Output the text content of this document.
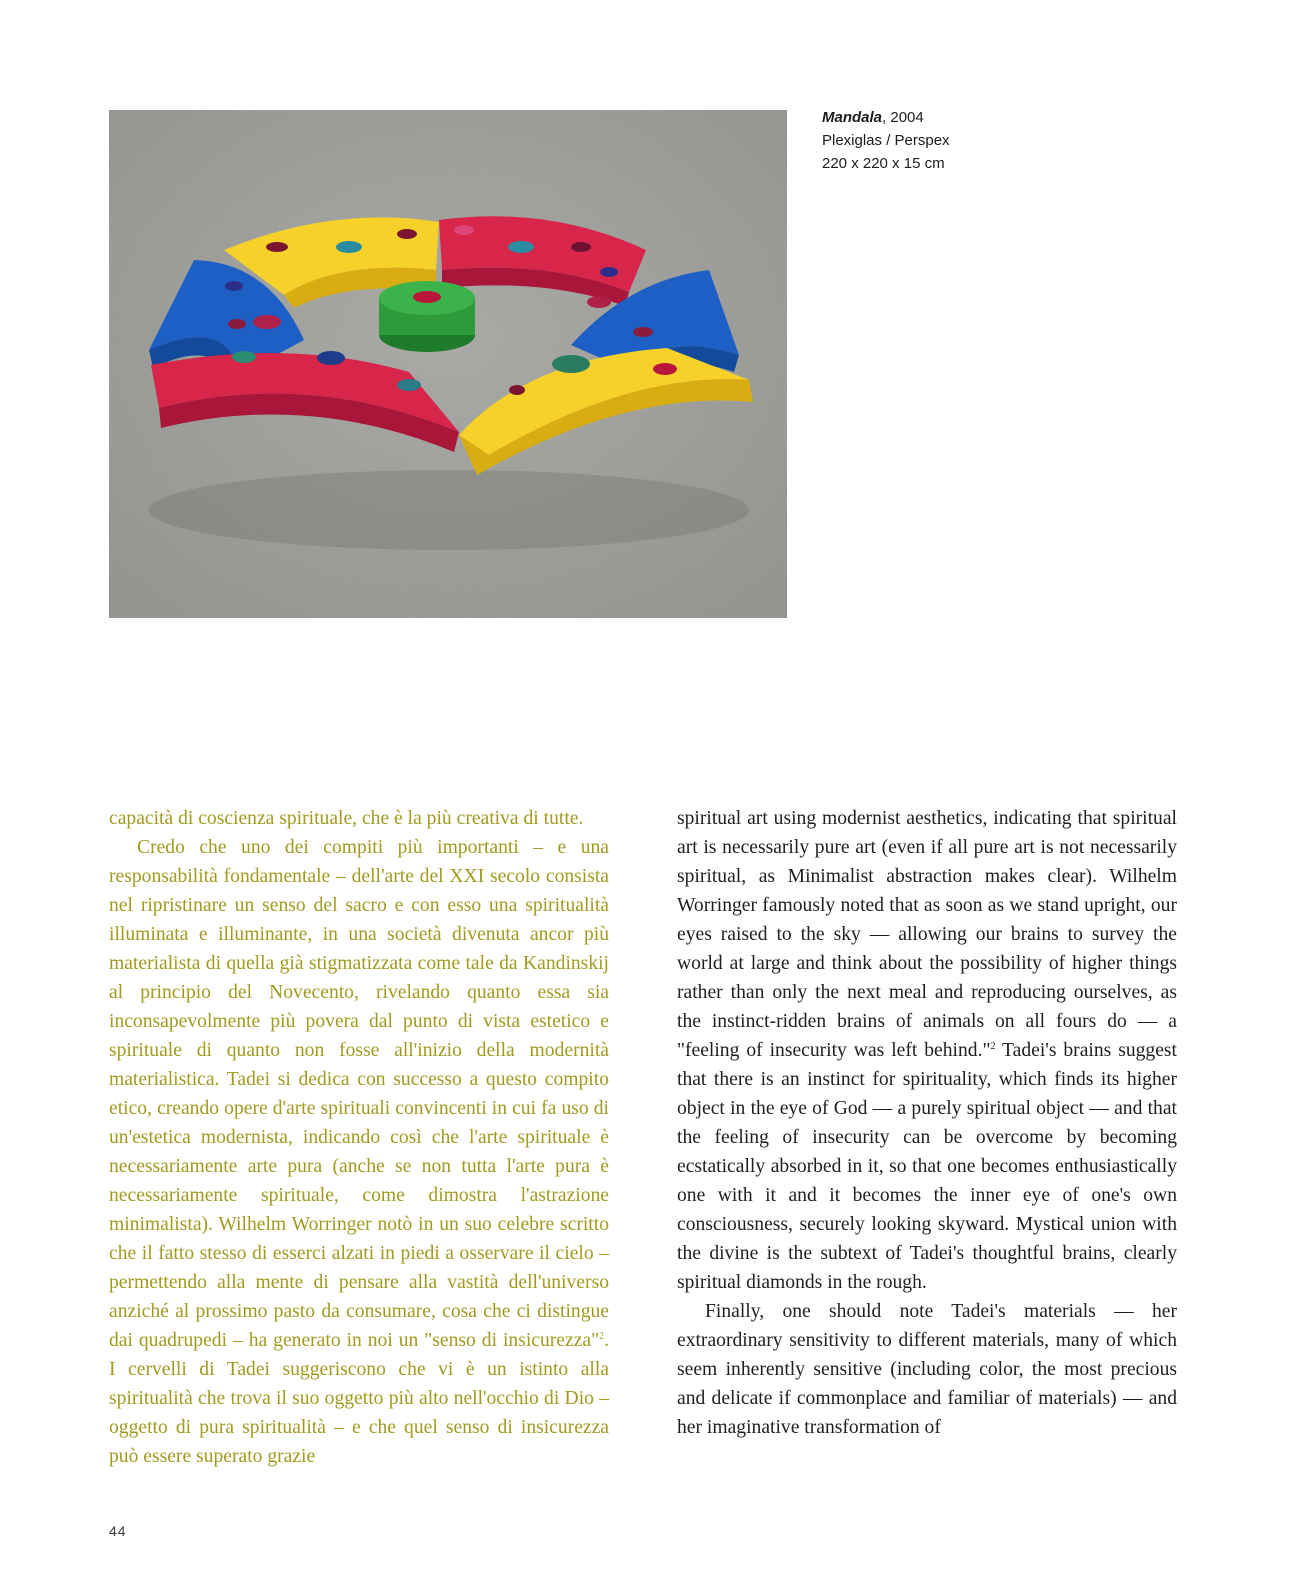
Mandala, 2004
Plexiglas / Perspex
220 x 220 x 15 cm

capacità di coscienza spirituale, che è la più creativa di tutte.

Credo che uno dei compiti più importanti – e una responsabilità fondamentale – dell'arte del XXI secolo consista nel ripristinare un senso del sacro e con esso una spiritualità illuminata e illuminante, in una società divenuta ancor più materialista di quella già stigmatizzata come tale da Kandinskij al principio del Novecento, rivelando quanto essa sia inconsapevolmente più povera dal punto di vista estetico e spirituale di quanto non fosse all'inizio della modernità materialistica. Tadei si dedica con successo a questo compito etico, creando opere d'arte spirituali convincenti in cui fa uso di un'estetica modernista, indicando così che l'arte spirituale è necessariamente arte pura (anche se non tutta l'arte pura è necessariamente spirituale, come dimostra l'astrazione minimalista). Wilhelm Worringer notò in un suo celebre scritto che il fatto stesso di esserci alzati in piedi a osservare il cielo – permettendo alla mente di pensare alla vastità dell'universo anziché al prossimo pasto da consumare, cosa che ci distingue dai quadrupedi – ha generato in noi un "senso di insicurezza"$^2$. I cervelli di Tadei suggeriscono che vi è un istinto alla spiritualità che trova il suo oggetto più alto nell'occhio di Dio – oggetto di pura spiritualità – e che quel senso di insicurezza può essere superato grazie

spiritual art using modernist aesthetics, indicating that spiritual art is necessarily pure art (even if all pure art is not necessarily spiritual, as Minimalist abstraction makes clear). Wilhelm Worringer famously noted that as soon as we stand upright, our eyes raised to the sky — allowing our brains to survey the world at large and think about the possibility of higher things rather than only the next meal and reproducing ourselves, as the instinct-ridden brains of animals on all fours do — a "feeling of insecurity was left behind."$^2$ Tadei's brains suggest that there is an instinct for spirituality, which finds its higher object in the eye of God — a purely spiritual object — and that the feeling of insecurity can be overcome by becoming ecstatically absorbed in it, so that one becomes enthusiastically one with it and it becomes the inner eye of one's own consciousness, securely looking skyward. Mystical union with the divine is the subtext of Tadei's thoughtful brains, clearly spiritual diamonds in the rough.

Finally, one should note Tadei's materials — her extraordinary sensitivity to different materials, many of which seem inherently sensitive (including color, the most precious and delicate if commonplace and familiar of materials) — and her imaginative transformation of

44
